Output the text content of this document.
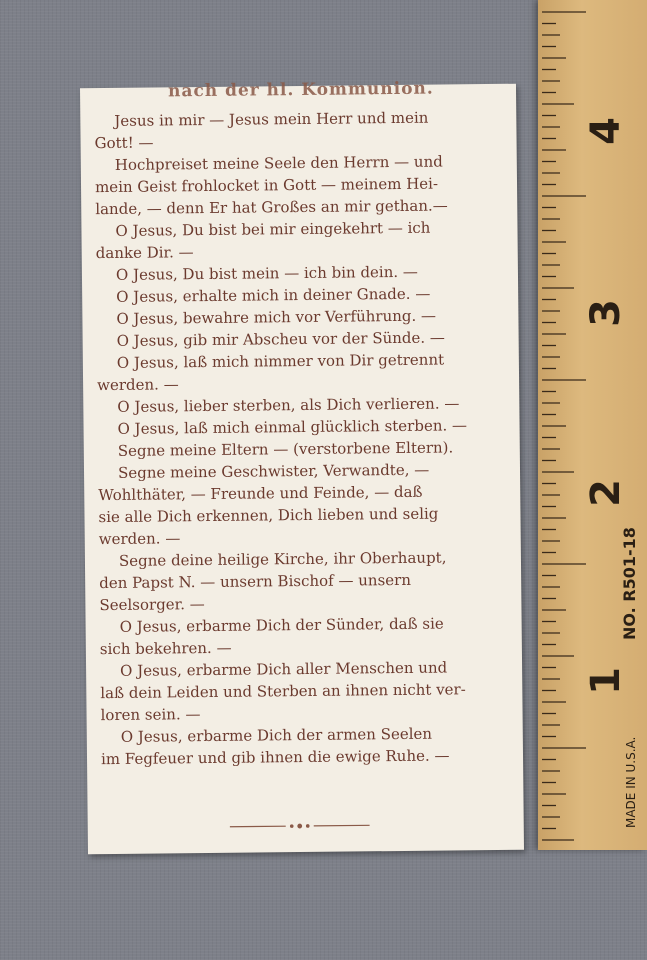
4
3
2
1
NO. R501-18
MADE IN U.S.A.
nach der hl. Kommunion.

Jesus in mir — Jesus mein Herr und mein

Gott! —

Hochpreiset meine Seele den Herrn — und

mein Geist frohlocket in Gott — meinem Hei-

lande, — denn Er hat Großes an mir gethan.—

O Jesus, Du bist bei mir eingekehrt — ich

danke Dir. —

O Jesus, Du bist mein — ich bin dein. —

O Jesus, erhalte mich in deiner Gnade. —

O Jesus, bewahre mich vor Verführung. —

O Jesus, gib mir Abscheu vor der Sünde. —

O Jesus, laß mich nimmer von Dir getrennt

werden. —

O Jesus, lieber sterben, als Dich verlieren. —

O Jesus, laß mich einmal glücklich sterben. —

Segne meine Eltern — (verstorbene Eltern).

Segne meine Geschwister, Verwandte, —

Wohlthäter, — Freunde und Feinde, — daß

sie alle Dich erkennen, Dich lieben und selig

werden. —

Segne deine heilige Kirche, ihr Oberhaupt,

den Papst N. — unsern Bischof — unsern

Seelsorger. —

O Jesus, erbarme Dich der Sünder, daß sie

sich bekehren. —

O Jesus, erbarme Dich aller Menschen und

laß dein Leiden und Sterben an ihnen nicht ver-

loren sein. —

O Jesus, erbarme Dich der armen Seelen

im Fegfeuer und gib ihnen die ewige Ruhe. —
